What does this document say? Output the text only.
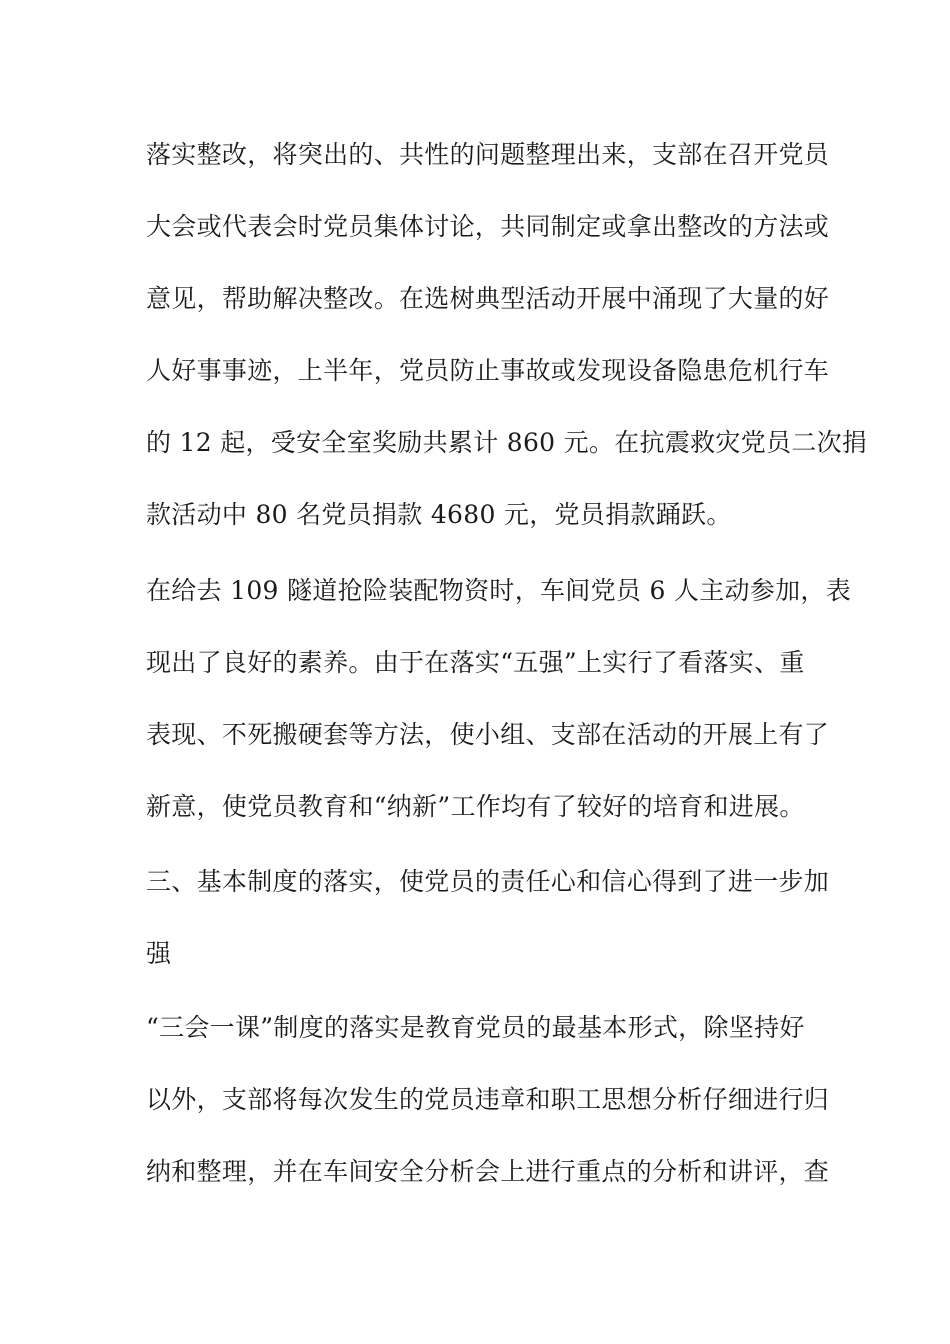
落实整改，将突出的、共性的问题整理出来，支部在召开党员
大会或代表会时党员集体讨论，共同制定或拿出整改的方法或
意见，帮助解决整改。在选树典型活动开展中涌现了大量的好
人好事事迹，上半年，党员防止事故或发现设备隐患危机行车
的 12 起，受安全室奖励共累计 860 元。在抗震救灾党员二次捐
款活动中 80 名党员捐款 4680 元，党员捐款踊跃。
在给去 109 隧道抢险装配物资时，车间党员 6 人主动参加，表
现出了良好的素养。由于在落实“五强”上实行了看落实、重
表现、不死搬硬套等方法，使小组、支部在活动的开展上有了
新意，使党员教育和“纳新”工作均有了较好的培育和进展。
三、基本制度的落实，使党员的责任心和信心得到了进一步加
强
“三会一课”制度的落实是教育党员的最基本形式，除坚持好
以外，支部将每次发生的党员违章和职工思想分析仔细进行归
纳和整理，并在车间安全分析会上进行重点的分析和讲评，查
